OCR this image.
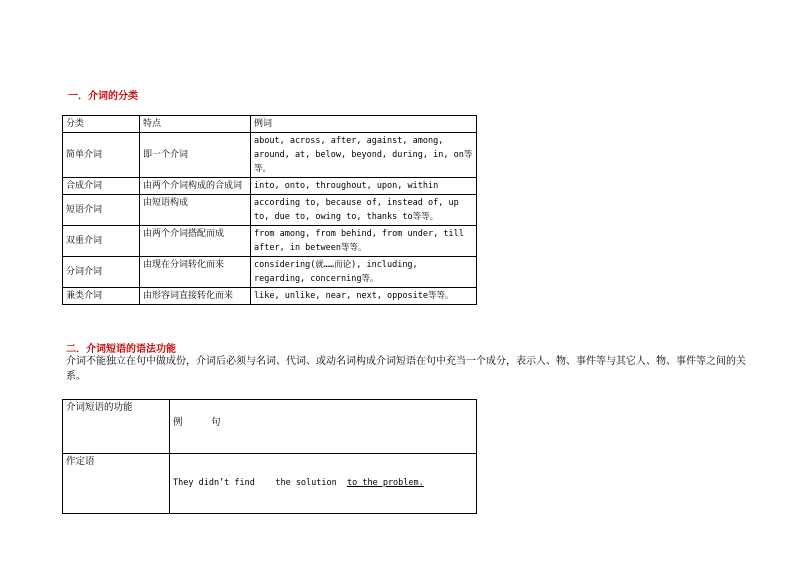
一．介词的分类
分类	特点	例词
简单介词	即一个介词	about, across, after, against, among, around, at, below, beyond, during, in, on等等。
合成介词	由两个介词构成的合成词	into, onto, throughout, upon, within
短语介词	由短语构成	according to, because of, instead of, up to, due to, owing to, thanks to等等。
双重介词	由两个介词搭配而成	from among, from behind, from under, till after, in between等等。
分词介词	由现在分词转化而来	considering(就……而论), including, regarding, concerning等。
兼类介词	由形容词直接转化而来	like, unlike, near, next, opposite等等。
二．介词短语的语法功能

介词不能独立在句中做成份，介词后必须与名词、代词、或动名词构成介词短语在句中充当一个成分，表示人、物、事件等与其它人、物、事件等之间的关系。

介词短语的功能	例　　　句
作定语	They didn’t find    the solution  to the problem.
